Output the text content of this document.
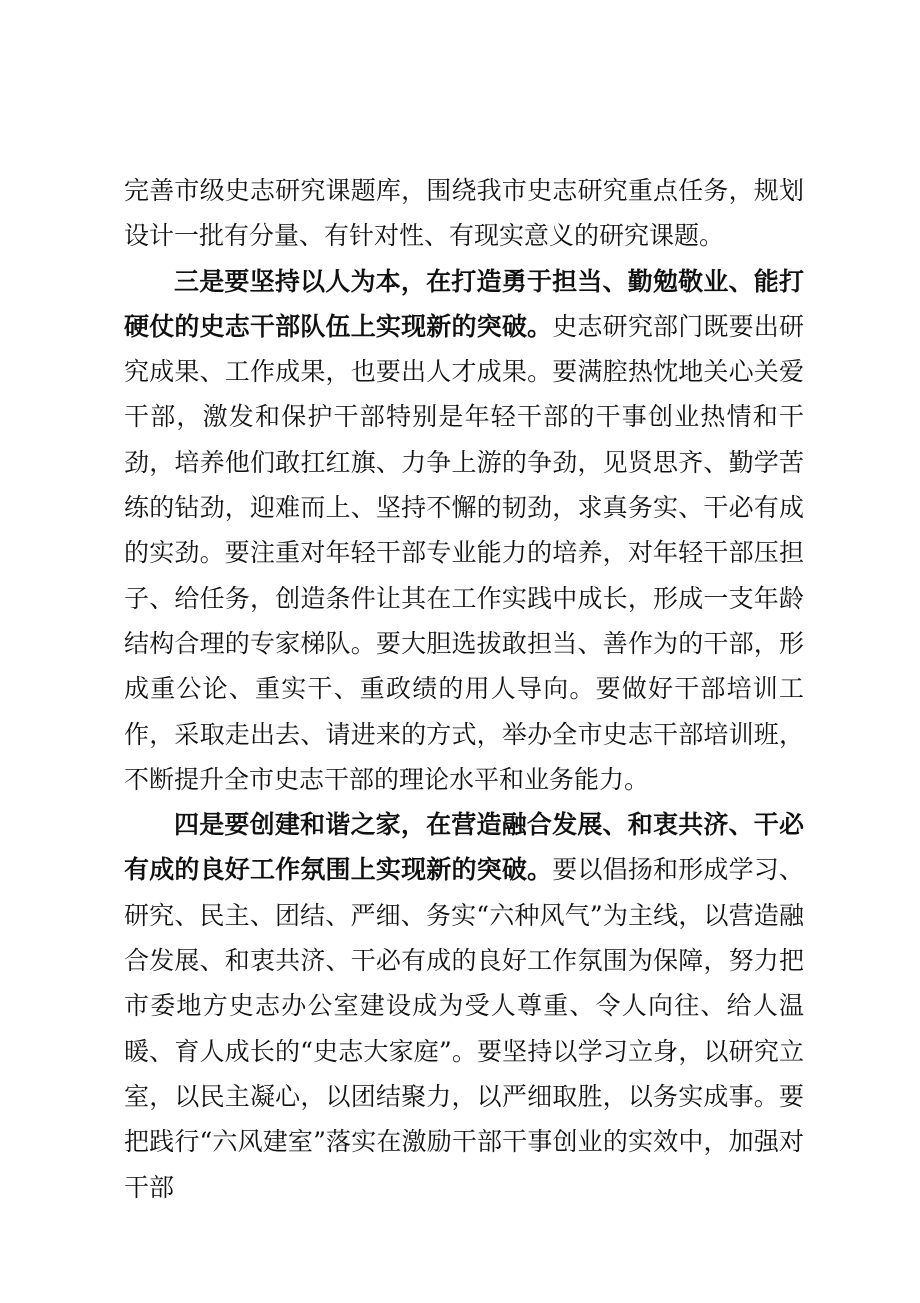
完善市级史志研究课题库，围绕我市史志研究重点任务，规划设计一批有分量、有针对性、有现实意义的研究课题。

三是要坚持以人为本，在打造勇于担当、勤勉敬业、能打硬仗的史志干部队伍上实现新的突破。史志研究部门既要出研究成果、工作成果，也要出人才成果。要满腔热忱地关心关爱干部，激发和保护干部特别是年轻干部的干事创业热情和干劲，培养他们敢扛红旗、力争上游的争劲，见贤思齐、勤学苦练的钻劲，迎难而上、坚持不懈的韧劲，求真务实、干必有成的实劲。要注重对年轻干部专业能力的培养，对年轻干部压担子、给任务，创造条件让其在工作实践中成长，形成一支年龄结构合理的专家梯队。要大胆选拔敢担当、善作为的干部，形成重公论、重实干、重政绩的用人导向。要做好干部培训工作，采取走出去、请进来的方式，举办全市史志干部培训班，不断提升全市史志干部的理论水平和业务能力。

四是要创建和谐之家，在营造融合发展、和衷共济、干必有成的良好工作氛围上实现新的突破。要以倡扬和形成学习、研究、民主、团结、严细、务实“六种风气”为主线，以营造融合发展、和衷共济、干必有成的良好工作氛围为保障，努力把市委地方史志办公室建设成为受人尊重、令人向往、给人温暖、育人成长的“史志大家庭”。要坚持以学习立身，以研究立室，以民主凝心，以团结聚力，以严细取胜，以务实成事。要把践行“六风建室”落实在激励干部干事创业的实效中，加强对干部
